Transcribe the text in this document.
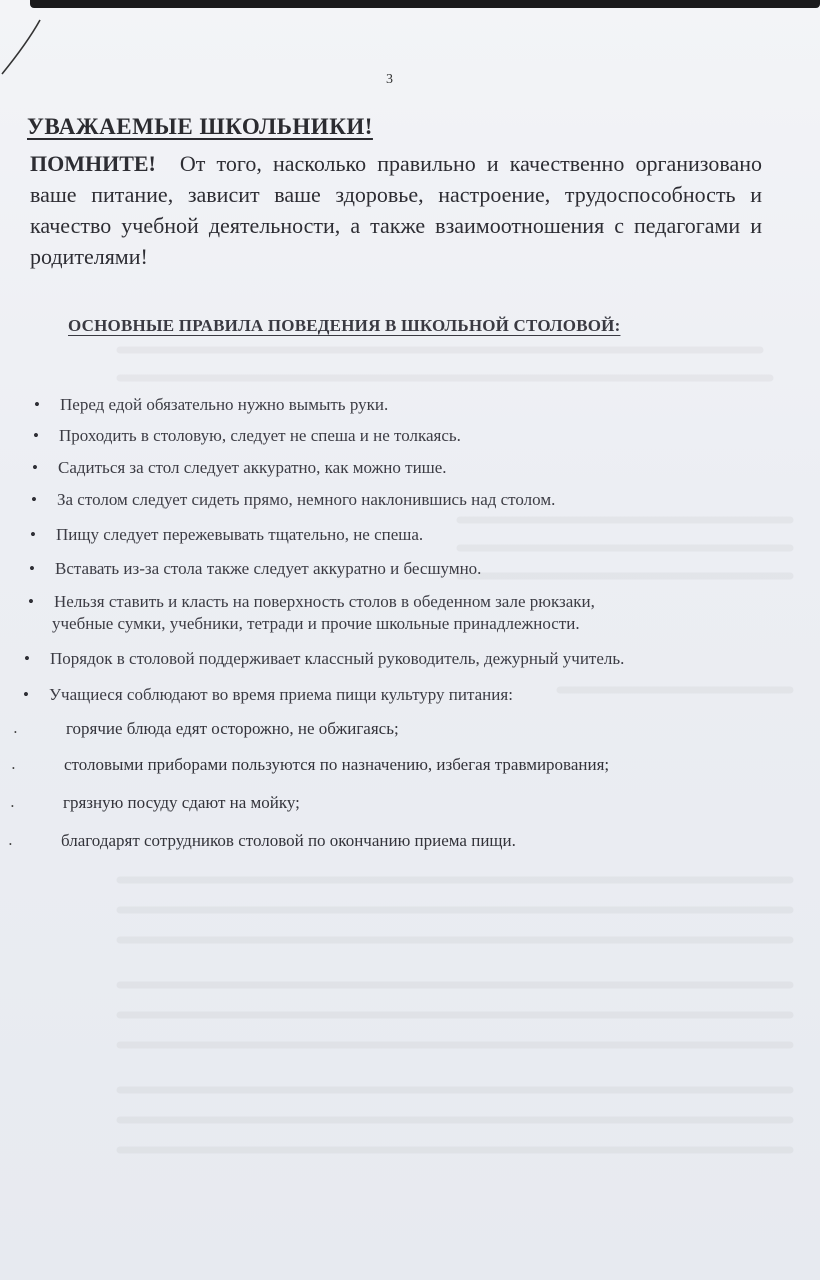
3
УВАЖАЕМЫЕ ШКОЛЬНИКИ!

ПОМНИТЕ! От того, насколько правильно и качественно организовано ваше питание, зависит ваше здоровье, настроение, трудоспособность и качество учебной деятельности, а также взаимоотношения с педагогами и родителями!

ОСНОВНЫЕ ПРАВИЛА ПОВЕДЕНИЯ В ШКОЛЬНОЙ СТОЛОВОЙ:
• Перед едой обязательно нужно вымыть руки.
• Проходить в столовую, следует не спеша и не толкаясь.
• Садиться за стол следует аккуратно, как можно тише.
• За столом следует сидеть прямо, немного наклонившись над столом.
• Пищу следует пережевывать тщательно, не спеша.
• Вставать из-за стола также следует аккуратно и бесшумно.
• Нельзя ставить и класть на поверхность столов в обеденном зале рюкзаки,
учебные сумки, учебники, тетради и прочие школьные принадлежности.
• Порядок в столовой поддерживает классный руководитель, дежурный учитель.
• Учащиеся соблюдают во время приема пищи культуру питания:
•	горячие блюда едят осторожно, не обжигаясь;
•	столовыми приборами пользуются по назначению, избегая травмирования;
•	грязную посуду сдают на мойку;
•	благодарят сотрудников столовой по окончанию приема пищи.
